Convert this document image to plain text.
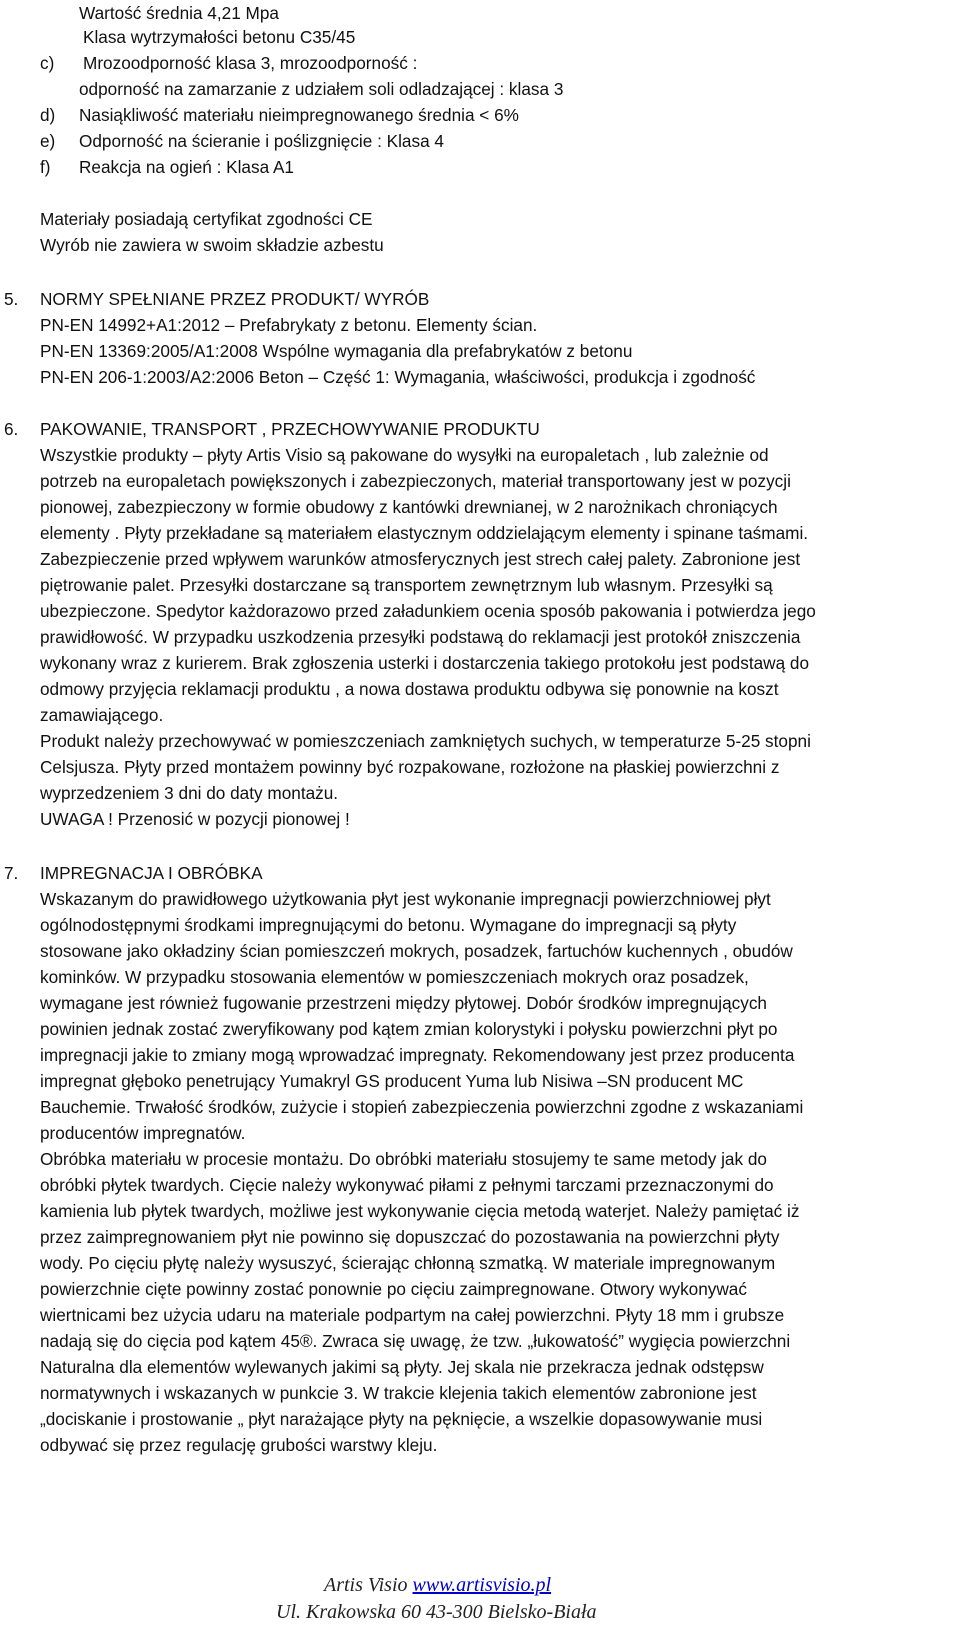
Wartość średnia 4,21 Mpa
Klasa wytrzymałości betonu C35/45
c) Mrozoodporność klasa 3, mrozoodporność :
odporność na zamarzanie z udziałem soli odladzającej : klasa 3
d) Nasiąkliwość materiału nieimpregnowanego średnia < 6%
e) Odporność na ścieranie i poślizgnięcie : Klasa 4
f) Reakcja na ogień : Klasa A1
Materiały posiadają certyfikat zgodności CE
Wyrób nie zawiera w swoim składzie azbestu
5. NORMY SPEŁNIANE PRZEZ PRODUKT/ WYRÓB
PN-EN 14992+A1:2012 – Prefabrykaty z betonu. Elementy ścian.
PN-EN 13369:2005/A1:2008 Wspólne wymagania dla prefabrykatów z betonu
PN-EN 206-1:2003/A2:2006 Beton – Część 1: Wymagania, właściwości, produkcja i zgodność
6. PAKOWANIE, TRANSPORT , PRZECHOWYWANIE PRODUKTU
Wszystkie produkty – płyty Artis Visio są pakowane do wysyłki na europaletach , lub zależnie od
potrzeb na europaletach powiększonych i zabezpieczonych, materiał transportowany jest w pozycji
pionowej, zabezpieczony w formie obudowy z kantówki drewnianej, w 2 narożnikach chroniących
elementy . Płyty przekładane są materiałem elastycznym oddzielającym elementy i spinane taśmami.
Zabezpieczenie przed wpływem warunków atmosferycznych jest strech całej palety. Zabronione jest
piętrowanie palet. Przesyłki dostarczane są transportem zewnętrznym lub własnym. Przesyłki są
ubezpieczone. Spedytor każdorazowo przed załadunkiem ocenia sposób pakowania i potwierdza jego
prawidłowość. W przypadku uszkodzenia przesyłki podstawą do reklamacji jest protokół zniszczenia
wykonany wraz z kurierem. Brak zgłoszenia usterki i dostarczenia takiego protokołu jest podstawą do
odmowy przyjęcia reklamacji produktu , a nowa dostawa produktu odbywa się ponownie na koszt
zamawiającego.
Produkt należy przechowywać w pomieszczeniach zamkniętych suchych, w temperaturze 5-25 stopni
Celsjusza. Płyty przed montażem powinny być rozpakowane, rozłożone na płaskiej powierzchni z
wyprzedzeniem 3 dni do daty montażu.
UWAGA ! Przenosić w pozycji pionowej !
7. IMPREGNACJA I OBRÓBKA
Wskazanym do prawidłowego użytkowania płyt jest wykonanie impregnacji powierzchniowej płyt
ogólnodostępnymi środkami impregnującymi do betonu. Wymagane do impregnacji są płyty
stosowane jako okładziny ścian pomieszczeń mokrych, posadzek, fartuchów kuchennych , obudów
kominków. W przypadku stosowania elementów w pomieszczeniach mokrych oraz posadzek,
wymagane jest również fugowanie przestrzeni między płytowej. Dobór środków impregnujących
powinien jednak zostać zweryfikowany pod kątem zmian kolorystyki i połysku powierzchni płyt po
impregnacji jakie to zmiany mogą wprowadzać impregnaty. Rekomendowany jest przez producenta
impregnat głęboko penetrujący Yumakryl GS producent Yuma lub Nisiwa –SN producent MC
Bauchemie. Trwałość środków, zużycie i stopień zabezpieczenia powierzchni zgodne z wskazaniami
producentów impregnatów.
Obróbka materiału w procesie montażu. Do obróbki materiału stosujemy te same metody jak do
obróbki płytek twardych. Cięcie należy wykonywać piłami z pełnymi tarczami przeznaczonymi do
kamienia lub płytek twardych, możliwe jest wykonywanie cięcia metodą waterjet. Należy pamiętać iż
przez zaimpregnowaniem płyt nie powinno się dopuszczać do pozostawania na powierzchni płyty
wody. Po cięciu płytę należy wysuszyć, ścierając chłonną szmatką. W materiale impregnowanym
powierzchnie cięte powinny zostać ponownie po cięciu zaimpregnowane. Otwory wykonywać
wiertnicami bez użycia udaru na materiale podpartym na całej powierzchni. Płyty 18 mm i grubsze
nadają się do cięcia pod kątem 45®. Zwraca się uwagę, że tzw. „łukowatość” wygięcia powierzchni
Naturalna dla elementów wylewanych jakimi są płyty. Jej skala nie przekracza jednak odstępsw
normatywnych i wskazanych w punkcie 3. W trakcie klejenia takich elementów zabronione jest
„dociskanie i prostowanie „ płyt narażające płyty na pęknięcie, a wszelkie dopasowywanie musi
odbywać się przez regulację grubości warstwy kleju.
Artis Visio www.artisvisio.pl
Ul. Krakowska 60 43-300 Bielsko-Biała
